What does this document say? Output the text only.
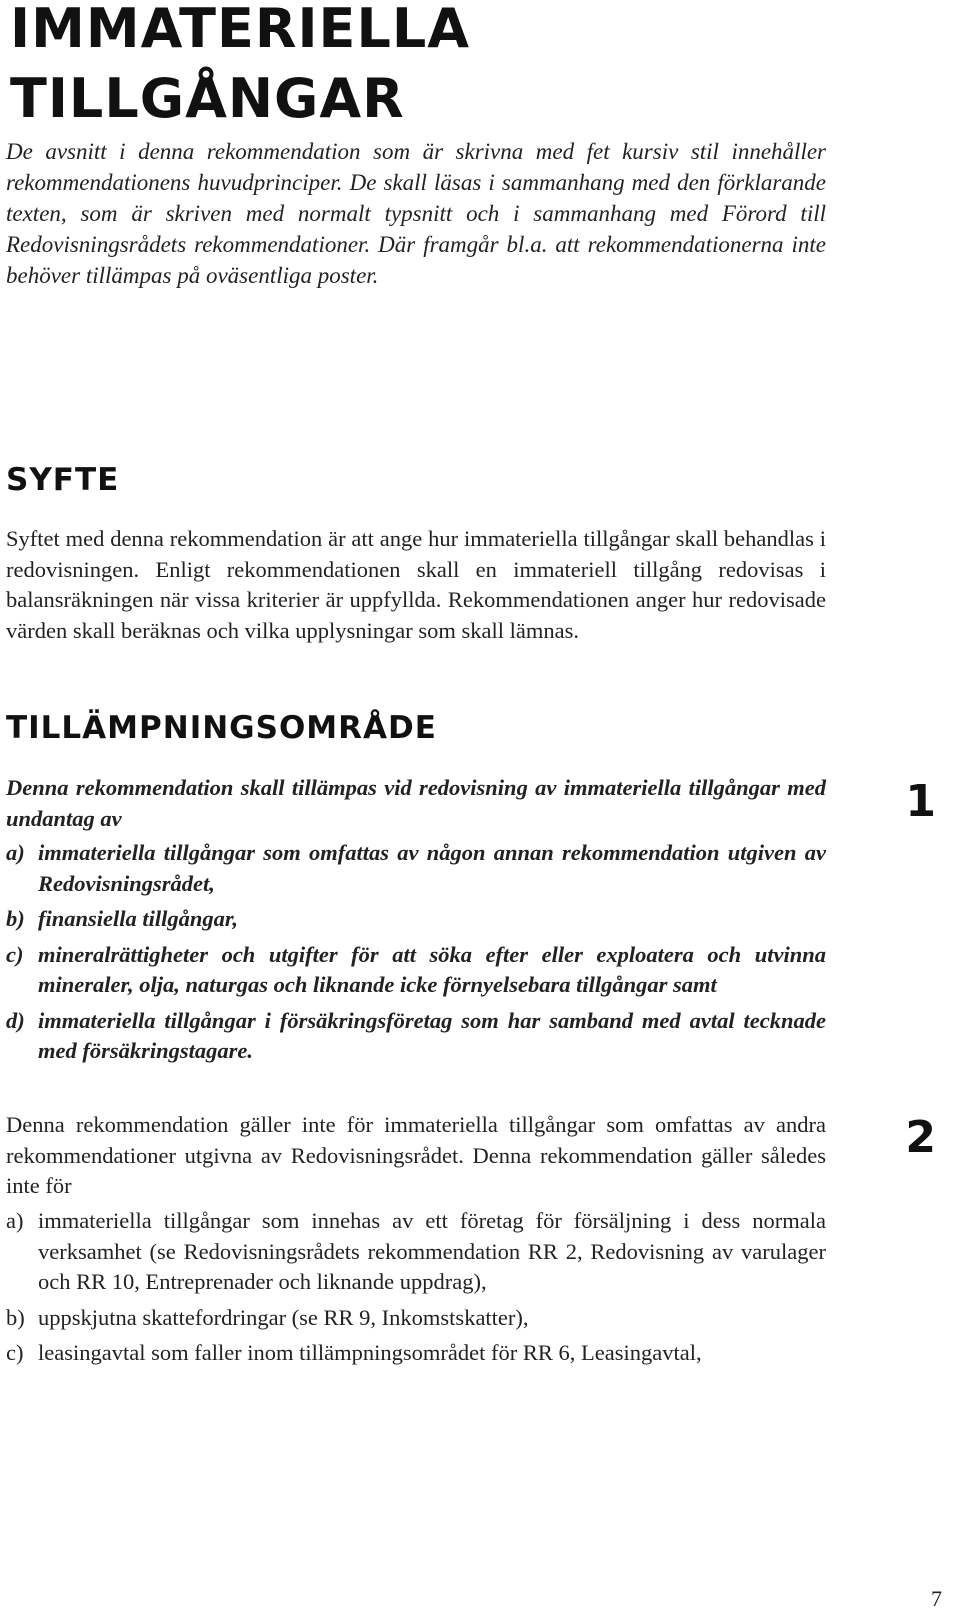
IMMATERIELLA
TILLGÅNGAR

De avsnitt i denna rekommendation som är skrivna med fet kursiv stil innehåller rekommendationens huvudprinciper. De skall läsas i sammanhang med den förklarande texten, som är skriven med normalt typsnitt och i sammanhang med Förord till Redovisningsrådets rekommendationer. Där framgår bl.a. att rekommendationerna inte behöver tillämpas på oväsentliga poster.

SYFTE

Syftet med denna rekommendation är att ange hur immateriella tillgångar skall behandlas i redovisningen. Enligt rekommendationen skall en immateriell tillgång redovisas i balansräkningen när vissa kriterier är uppfyllda. Rekommendationen anger hur redovisade värden skall beräknas och vilka upplysningar som skall lämnas.

TILLÄMPNINGSOMRÅDE
1

Denna rekommendation skall tillämpas vid redovisning av immateriella tillgångar med undantag av

a) immateriella tillgångar som omfattas av någon annan rekommendation utgiven av Redovisningsrådet,
b) finansiella tillgångar,
c) mineralrättigheter och utgifter för att söka efter eller exploatera och utvinna mineraler, olja, naturgas och liknande icke förnyelsebara tillgångar samt
d) immateriella tillgångar i försäkringsföretag som har samband med avtal tecknade med försäkringstagare.
2

Denna rekommendation gäller inte för immateriella tillgångar som omfattas av andra rekommendationer utgivna av Redovisningsrådet. Denna rekommendation gäller således inte för

a) immateriella tillgångar som innehas av ett företag för försäljning i dess normala verksamhet (se Redovisningsrådets rekommendation RR 2, Redovisning av varulager och RR 10, Entreprenader och liknande uppdrag),
b) uppskjutna skattefordringar (se RR 9, Inkomstskatter),
c) leasingavtal som faller inom tillämpningsområdet för RR 6, Leasingavtal,
7
